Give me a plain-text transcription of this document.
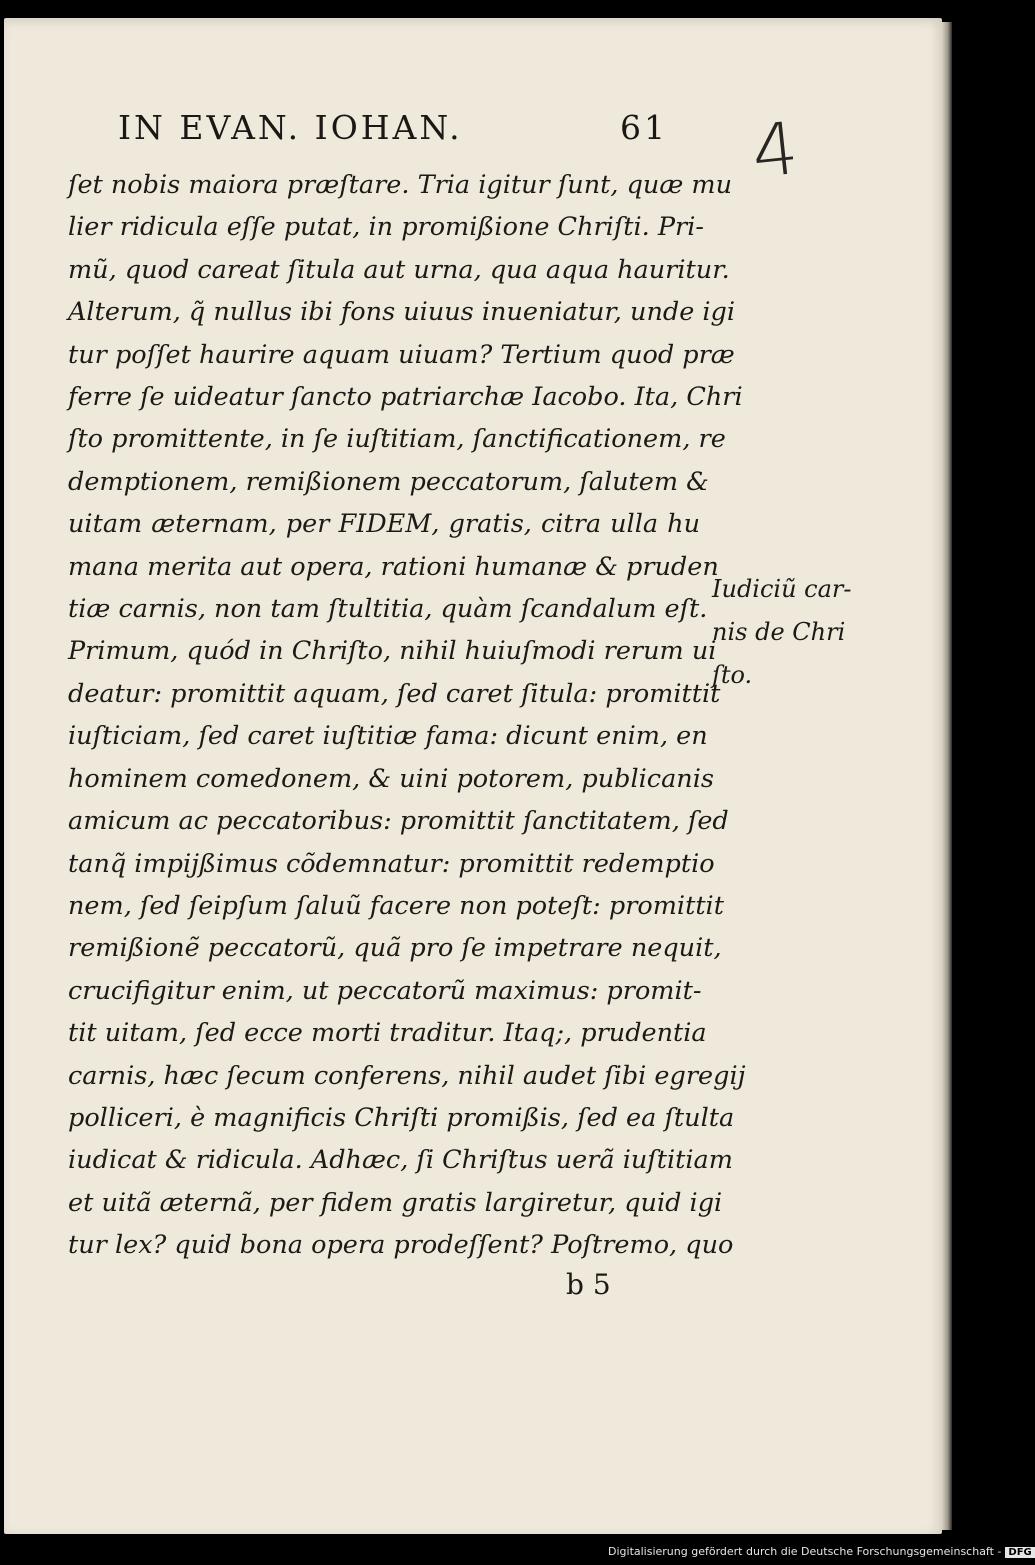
IN EVAN. IOHAN.	61 4
ſet nobis maiora præſtare. Tria igitur ſunt, quæ mu
lier ridicula eſſe putat, in promißione Chriſti. Pri-
mũ, quod careat ſitula aut urna, qua aqua hauritur.
Alterum, q̃ nullus ibi fons uiuus inueniatur, unde igi
tur poſſet haurire aquam uiuam? Tertium quod præ
ferre ſe uideatur ſancto patriarchæ Iacobo. Ita, Chri
ſto promittente, in ſe iuſtitiam, ſanctificationem, re
demptionem, remißionem peccatorum, ſalutem &
uitam æternam, per FIDEM, gratis, citra ulla hu
mana merita aut opera, rationi humanæ & pruden
tiæ carnis, non tam ſtultitia, quàm ſcandalum eſt.
Primum, quód in Chriſto, nihil huiuſmodi rerum ui
deatur: promittit aquam, ſed caret ſitula: promittit
iuſticiam, ſed caret iuſtitiæ fama: dicunt enim, en
hominem comedonem, & uini potorem, publicanis
amicum ac peccatoribus: promittit ſanctitatem, ſed
tanq̃ impijßimus cõdemnatur: promittit redemptio
nem, ſed ſeipſum ſaluũ facere non poteſt: promittit
remißionẽ peccatorũ, quã pro ſe impetrare nequit,
crucifigitur enim, ut peccatorũ maximus: promit-
tit uitam, ſed ecce morti traditur. Itaq;, prudentia
carnis, hæc ſecum conferens, nihil audet ſibi egregij
polliceri, è magnificis Chriſti promißis, ſed ea ſtulta
iudicat & ridicula. Adhæc, ſi Chriſtus uerã iuſtitiam
et uitã æternã, per fidem gratis largiretur, quid igi
tur lex? quid bona opera prodeſſent? Poſtremo, quo
Iudiciũ car-
nis de Chri
ſto.
b 5
Digitalisierung gefördert durch die Deutsche Forschungsgemeinschaft - DFG
